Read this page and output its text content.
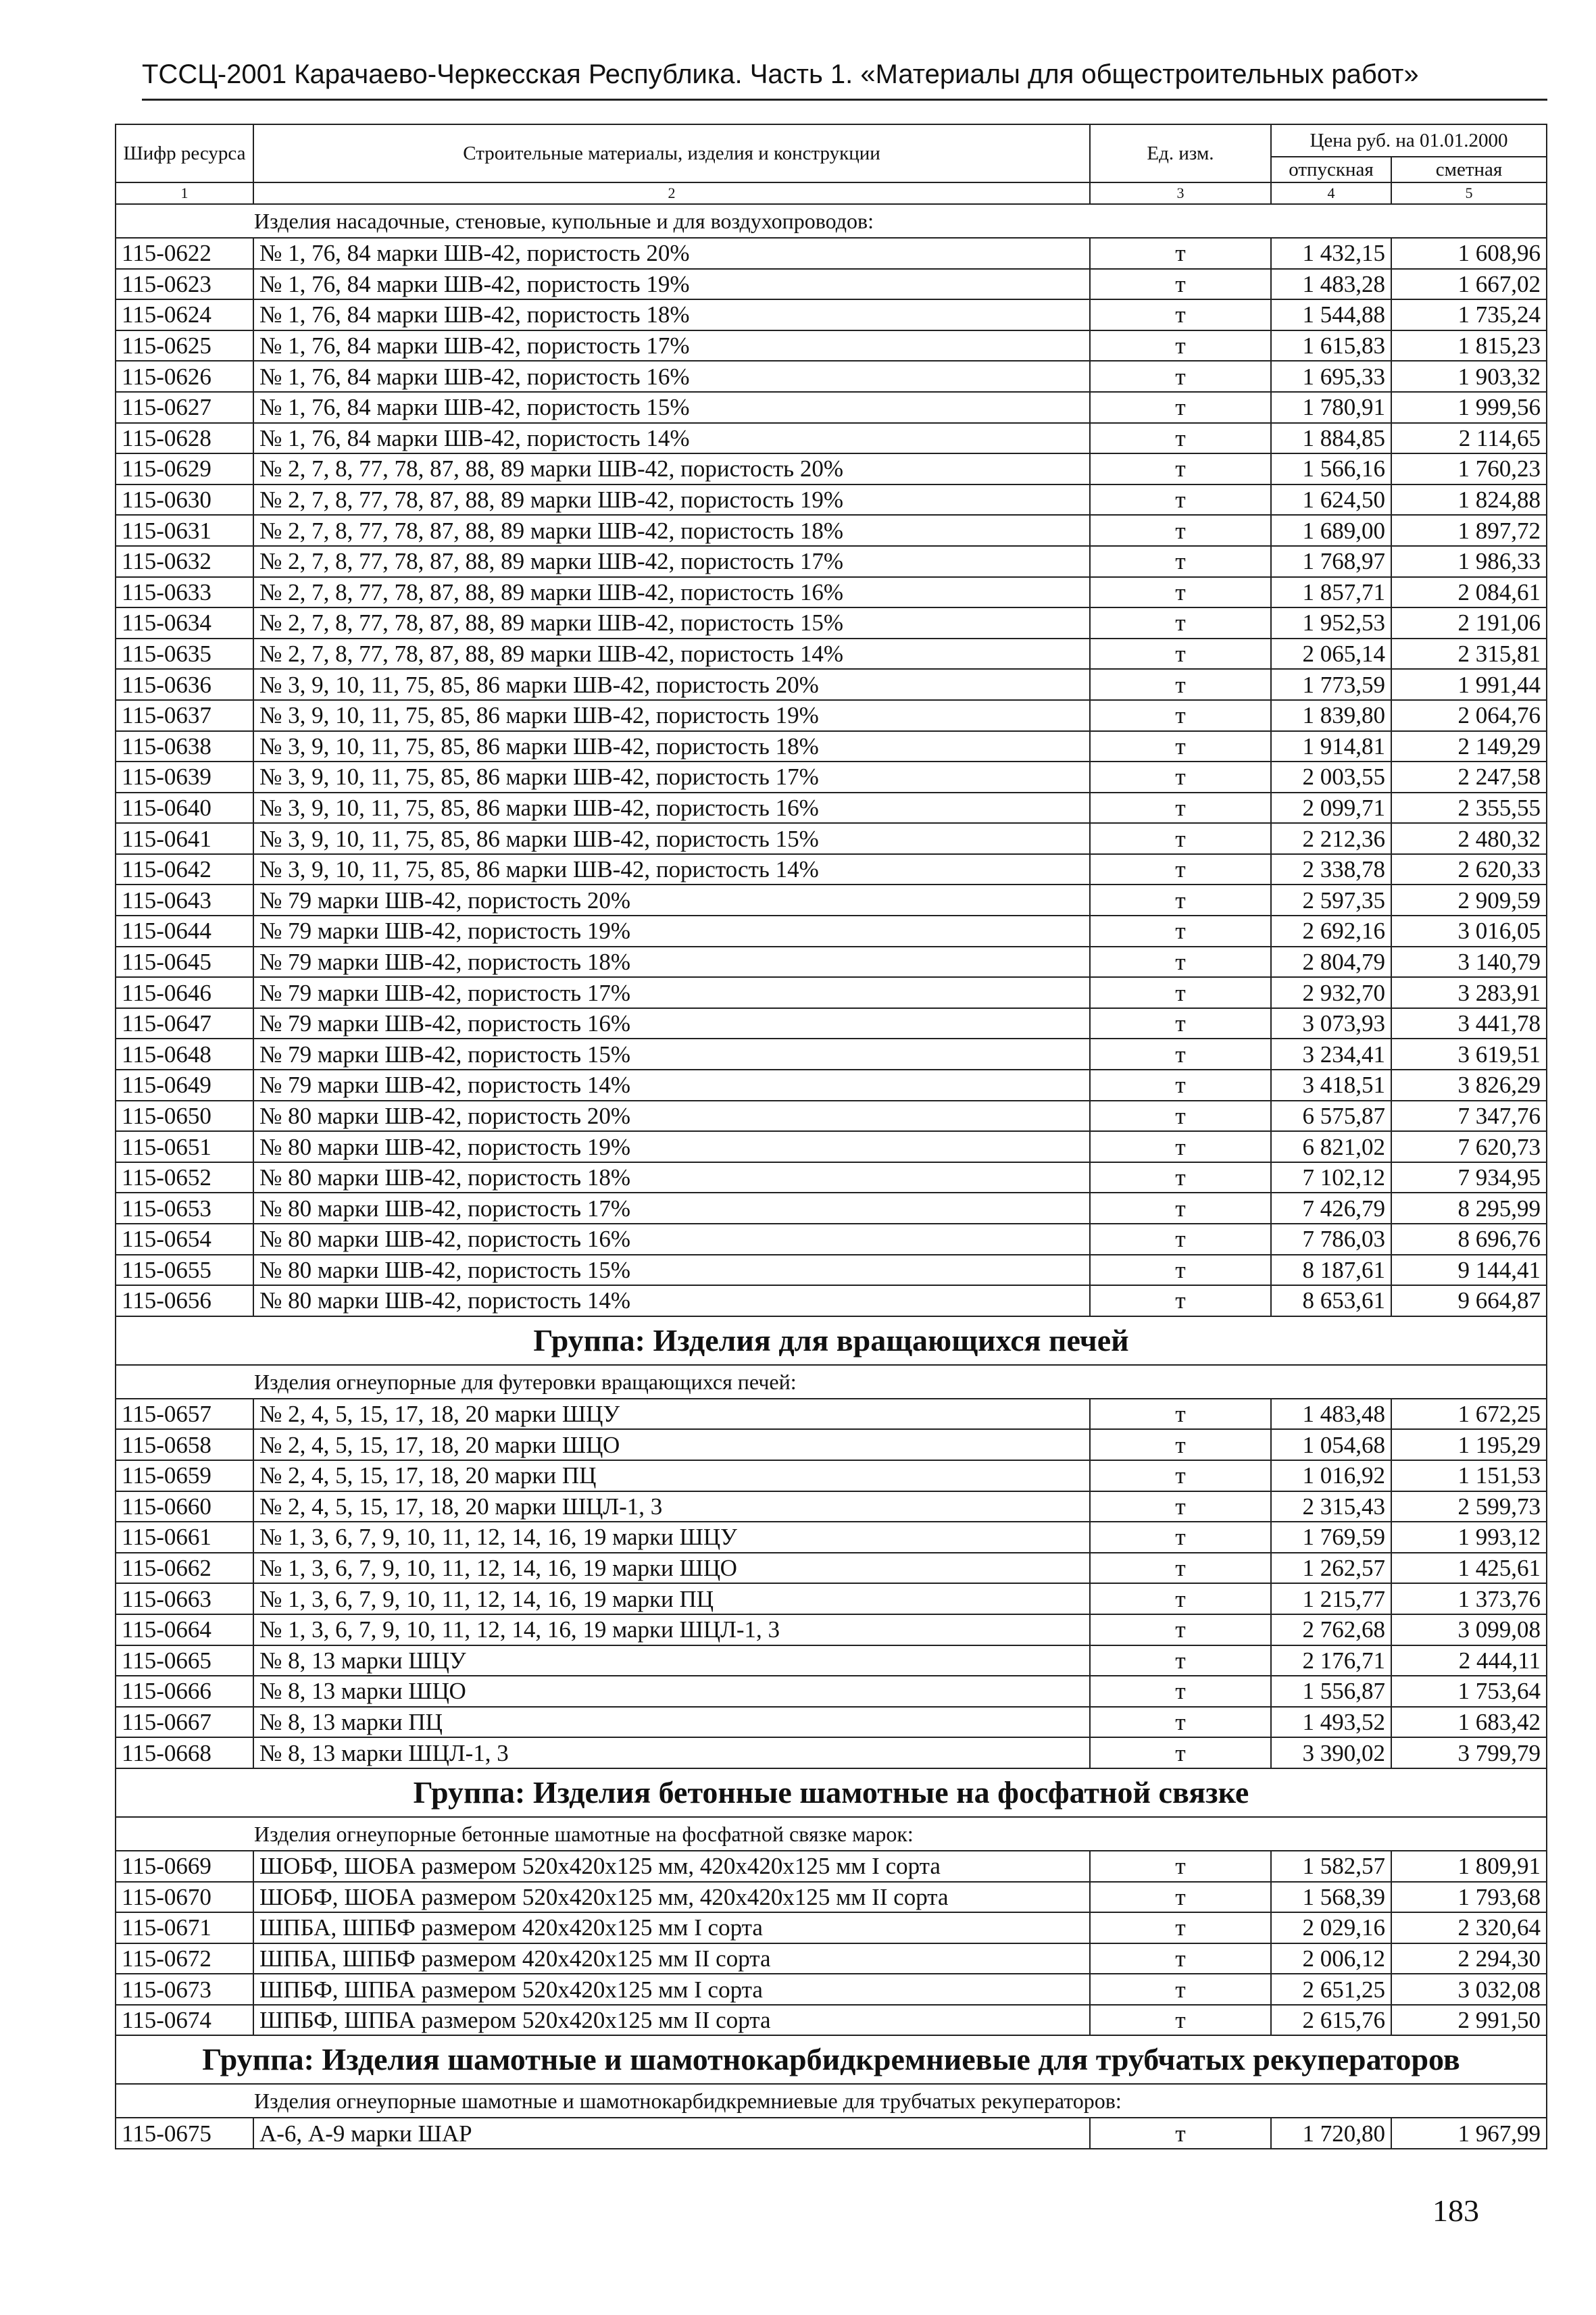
ТССЦ-2001 Карачаево-Черкесская Республика. Часть 1. «Материалы для общестроительных работ»
Шифр ресурса	Строительные материалы, изделия и конструкции	Ед. изм.	Цена руб. на 01.01.2000	
			отпускная	сметная
1	2	3	4	5
Изделия насадочные, стеновые, купольные и для воздухопроводов:				
115-0622	№ 1, 76, 84 марки ШВ-42, пористость 20%	т	1 432,15	1 608,96
115-0623	№ 1, 76, 84 марки ШВ-42, пористость 19%	т	1 483,28	1 667,02
115-0624	№ 1, 76, 84 марки ШВ-42, пористость 18%	т	1 544,88	1 735,24
115-0625	№ 1, 76, 84 марки ШВ-42, пористость 17%	т	1 615,83	1 815,23
115-0626	№ 1, 76, 84 марки ШВ-42, пористость 16%	т	1 695,33	1 903,32
115-0627	№ 1, 76, 84 марки ШВ-42, пористость 15%	т	1 780,91	1 999,56
115-0628	№ 1, 76, 84 марки ШВ-42, пористость 14%	т	1 884,85	2 114,65
115-0629	№ 2, 7, 8, 77, 78, 87, 88, 89 марки ШВ-42, пористость 20%	т	1 566,16	1 760,23
115-0630	№ 2, 7, 8, 77, 78, 87, 88, 89 марки ШВ-42, пористость 19%	т	1 624,50	1 824,88
115-0631	№ 2, 7, 8, 77, 78, 87, 88, 89 марки ШВ-42, пористость 18%	т	1 689,00	1 897,72
115-0632	№ 2, 7, 8, 77, 78, 87, 88, 89 марки ШВ-42, пористость 17%	т	1 768,97	1 986,33
115-0633	№ 2, 7, 8, 77, 78, 87, 88, 89 марки ШВ-42, пористость 16%	т	1 857,71	2 084,61
115-0634	№ 2, 7, 8, 77, 78, 87, 88, 89 марки ШВ-42, пористость 15%	т	1 952,53	2 191,06
115-0635	№ 2, 7, 8, 77, 78, 87, 88, 89 марки ШВ-42, пористость 14%	т	2 065,14	2 315,81
115-0636	№ 3, 9, 10, 11, 75, 85, 86 марки ШВ-42, пористость 20%	т	1 773,59	1 991,44
115-0637	№ 3, 9, 10, 11, 75, 85, 86 марки ШВ-42, пористость 19%	т	1 839,80	2 064,76
115-0638	№ 3, 9, 10, 11, 75, 85, 86 марки ШВ-42, пористость 18%	т	1 914,81	2 149,29
115-0639	№ 3, 9, 10, 11, 75, 85, 86 марки ШВ-42, пористость 17%	т	2 003,55	2 247,58
115-0640	№ 3, 9, 10, 11, 75, 85, 86 марки ШВ-42, пористость 16%	т	2 099,71	2 355,55
115-0641	№ 3, 9, 10, 11, 75, 85, 86 марки ШВ-42, пористость 15%	т	2 212,36	2 480,32
115-0642	№ 3, 9, 10, 11, 75, 85, 86 марки ШВ-42, пористость 14%	т	2 338,78	2 620,33
115-0643	№ 79 марки ШВ-42, пористость 20%	т	2 597,35	2 909,59
115-0644	№ 79 марки ШВ-42, пористость 19%	т	2 692,16	3 016,05
115-0645	№ 79 марки ШВ-42, пористость 18%	т	2 804,79	3 140,79
115-0646	№ 79 марки ШВ-42, пористость 17%	т	2 932,70	3 283,91
115-0647	№ 79 марки ШВ-42, пористость 16%	т	3 073,93	3 441,78
115-0648	№ 79 марки ШВ-42, пористость 15%	т	3 234,41	3 619,51
115-0649	№ 79 марки ШВ-42, пористость 14%	т	3 418,51	3 826,29
115-0650	№ 80 марки ШВ-42, пористость 20%	т	6 575,87	7 347,76
115-0651	№ 80 марки ШВ-42, пористость 19%	т	6 821,02	7 620,73
115-0652	№ 80 марки ШВ-42, пористость 18%	т	7 102,12	7 934,95
115-0653	№ 80 марки ШВ-42, пористость 17%	т	7 426,79	8 295,99
115-0654	№ 80 марки ШВ-42, пористость 16%	т	7 786,03	8 696,76
115-0655	№ 80 марки ШВ-42, пористость 15%	т	8 187,61	9 144,41
115-0656	№ 80 марки ШВ-42, пористость 14%	т	8 653,61	9 664,87
Группа: Изделия для вращающихся печей				
Изделия огнеупорные для футеровки вращающихся печей:				
115-0657	№ 2, 4, 5, 15, 17, 18, 20 марки ШЦУ	т	1 483,48	1 672,25
115-0658	№ 2, 4, 5, 15, 17, 18, 20 марки ШЦО	т	1 054,68	1 195,29
115-0659	№ 2, 4, 5, 15, 17, 18, 20 марки ПЦ	т	1 016,92	1 151,53
115-0660	№ 2, 4, 5, 15, 17, 18, 20 марки ШЦЛ-1, 3	т	2 315,43	2 599,73
115-0661	№ 1, 3, 6, 7, 9, 10, 11, 12, 14, 16, 19 марки ШЦУ	т	1 769,59	1 993,12
115-0662	№ 1, 3, 6, 7, 9, 10, 11, 12, 14, 16, 19 марки ШЦО	т	1 262,57	1 425,61
115-0663	№ 1, 3, 6, 7, 9, 10, 11, 12, 14, 16, 19 марки ПЦ	т	1 215,77	1 373,76
115-0664	№ 1, 3, 6, 7, 9, 10, 11, 12, 14, 16, 19 марки ШЦЛ-1, 3	т	2 762,68	3 099,08
115-0665	№ 8, 13 марки ШЦУ	т	2 176,71	2 444,11
115-0666	№ 8, 13 марки ШЦО	т	1 556,87	1 753,64
115-0667	№ 8, 13 марки ПЦ	т	1 493,52	1 683,42
115-0668	№ 8, 13 марки ШЦЛ-1, 3	т	3 390,02	3 799,79
Группа: Изделия бетонные шамотные на фосфатной связке				
Изделия огнеупорные бетонные шамотные на фосфатной связке марок:				
115-0669	ШОБФ, ШОБА размером 520x420x125 мм, 420x420x125 мм I сорта	т	1 582,57	1 809,91
115-0670	ШОБФ, ШОБА размером 520x420x125 мм, 420x420x125 мм II сорта	т	1 568,39	1 793,68
115-0671	ШПБА, ШПБФ размером 420x420x125 мм I сорта	т	2 029,16	2 320,64
115-0672	ШПБА, ШПБФ размером 420x420x125 мм II сорта	т	2 006,12	2 294,30
115-0673	ШПБФ, ШПБА размером 520x420x125 мм I сорта	т	2 651,25	3 032,08
115-0674	ШПБФ, ШПБА размером 520x420x125 мм II сорта	т	2 615,76	2 991,50
Группа: Изделия шамотные и шамотнокарбидкремниевые для трубчатых рекуператоров				
Изделия огнеупорные шамотные и шамотнокарбидкремниевые для трубчатых рекуператоров:				
115-0675	А-6, А-9 марки ШАР	т	1 720,80	1 967,99
183
